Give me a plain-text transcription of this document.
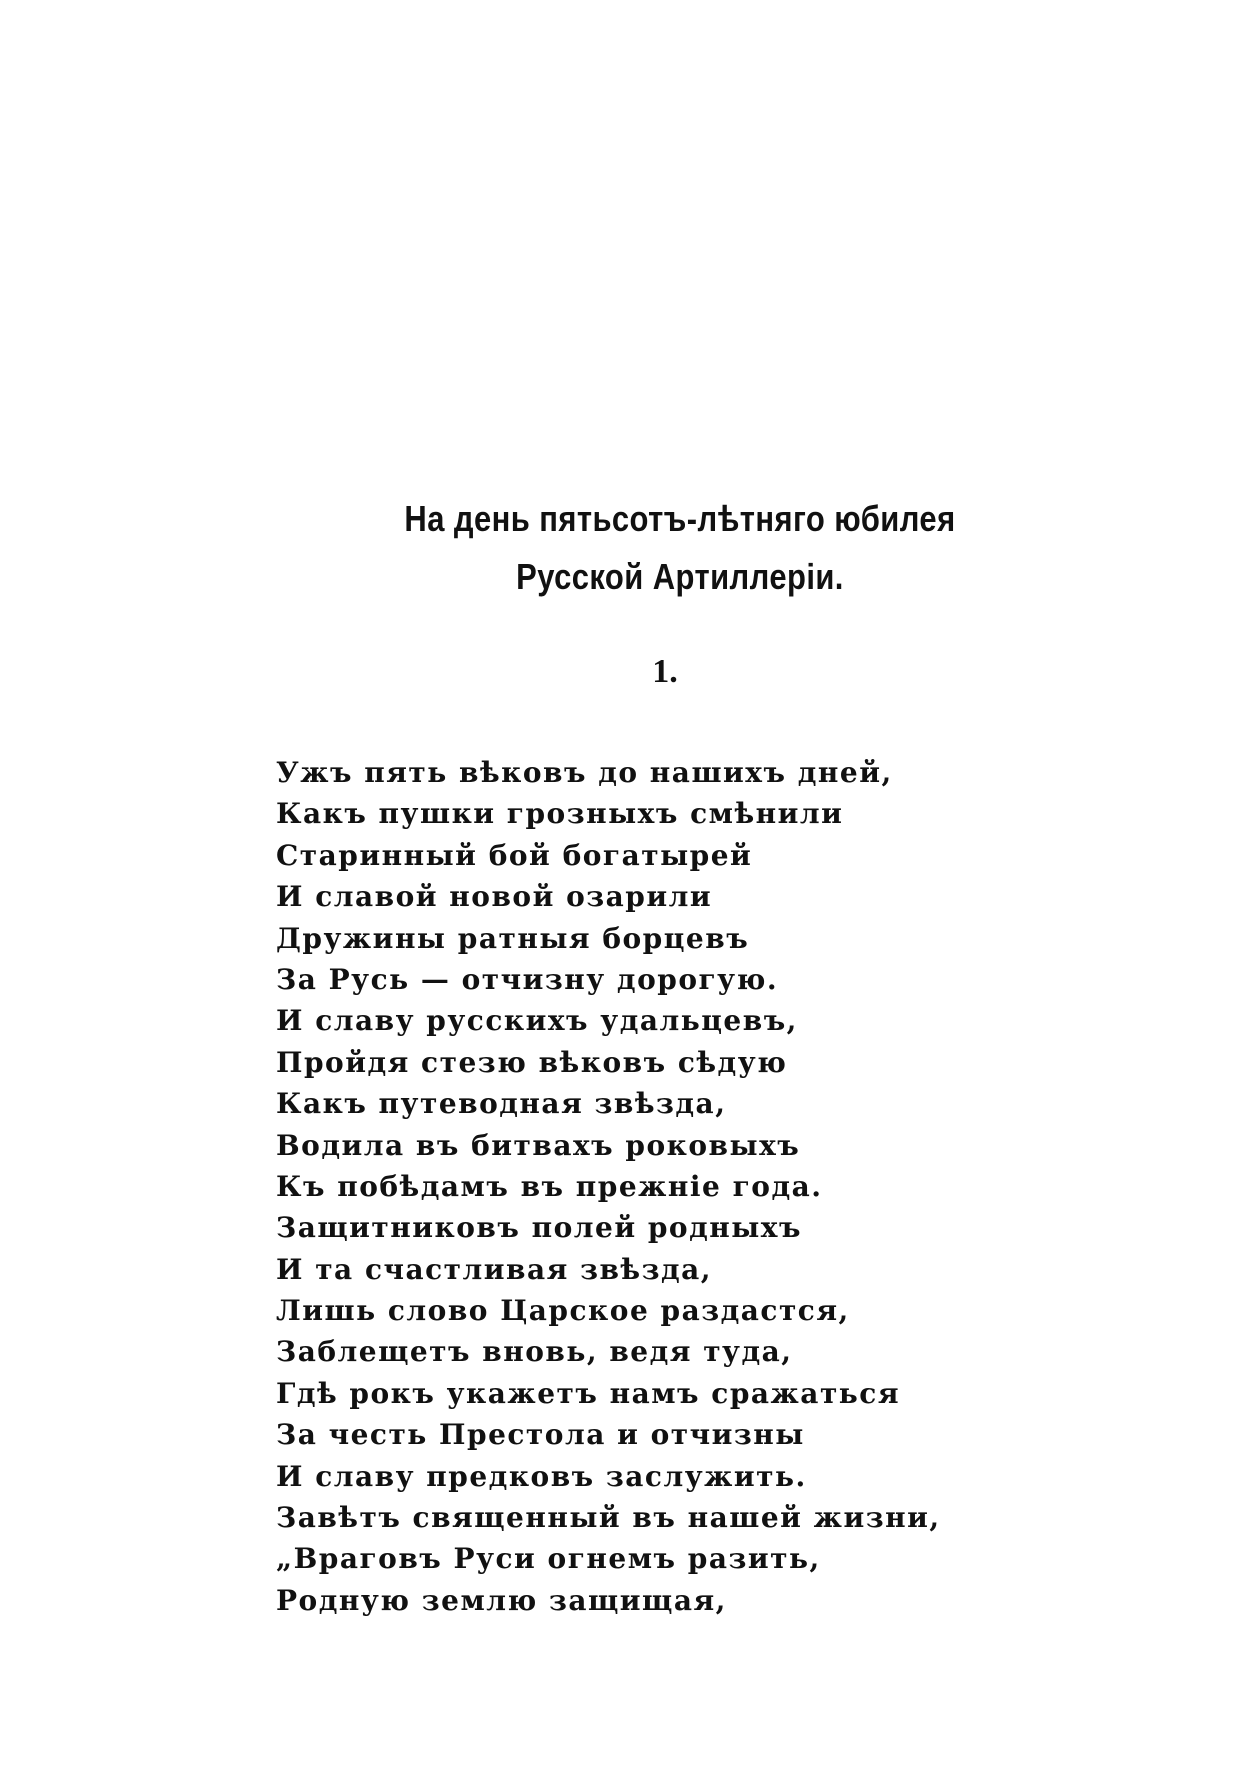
На день пятьсотъ-лѣтняго юбилея
Русской Артиллеріи.
1.
Ужъ пять вѣковъ до нашихъ дней,
Какъ пушки грозныхъ смѣнили
Старинный бой богатырей
И славой новой озарили
Дружины ратныя борцевъ
За Русь — отчизну дорогую.
И славу русскихъ удальцевъ,
Пройдя стезю вѣковъ сѣдую
Какъ путеводная звѣзда,
Водила въ битвахъ роковыхъ
Къ побѣдамъ въ прежніе года.
Защитниковъ полей родныхъ
И та счастливая звѣзда,
Лишь слово Царское раздастся,
Заблещетъ вновь, ведя туда,
Гдѣ рокъ укажетъ намъ сражаться
За честь Престола и отчизны
И славу предковъ заслужить.
Завѣтъ священный въ нашей жизни,
„Враговъ Руси огнемъ разить,
Родную землю защищая,
